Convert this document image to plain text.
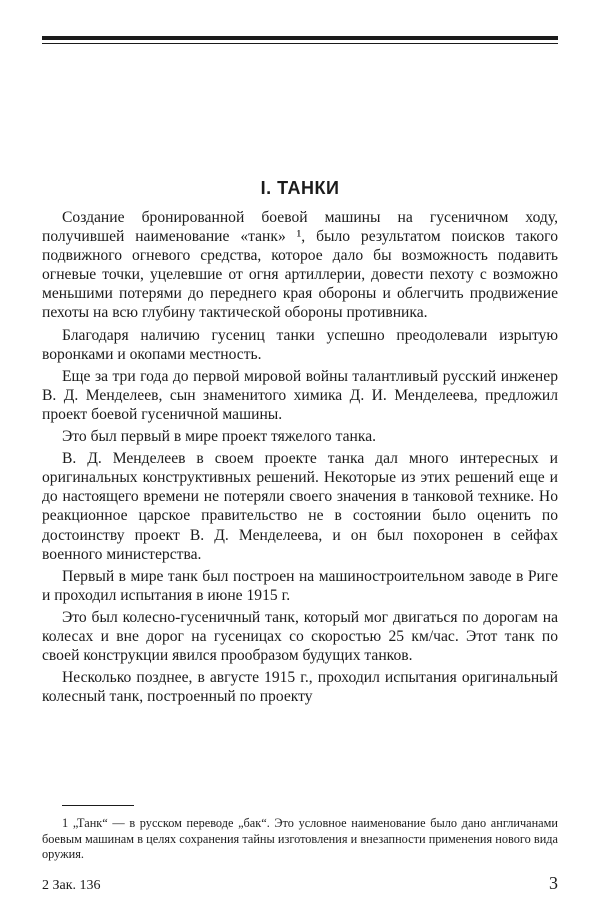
I. ТАНКИ

Создание бронированной боевой машины на гусеничном ходу, получившей наименование «танк» ¹, было результатом поисков такого подвижного огневого средства, которое дало бы возможность подавить огневые точки, уцелевшие от огня артиллерии, довести пехоту с возможно меньшими потерями до переднего края обороны и облегчить продвижение пехоты на всю глубину тактической обороны противника.

Благодаря наличию гусениц танки успешно преодолевали изрытую воронками и окопами местность.

Еще за три года до первой мировой войны талантливый русский инженер В. Д. Менделеев, сын знаменитого химика Д. И. Менделеева, предложил проект боевой гусеничной машины.

Это был первый в мире проект тяжелого танка.

В. Д. Менделеев в своем проекте танка дал много интересных и оригинальных конструктивных решений. Некоторые из этих решений еще и до настоящего времени не потеряли своего значения в танковой технике. Но реакционное царское правительство не в состоянии было оценить по достоинству проект В. Д. Менделеева, и он был похоронен в сейфах военного министерства.

Первый в мире танк был построен на машиностроительном заводе в Риге и проходил испытания в июне 1915 г.

Это был колесно-гусеничный танк, который мог двигаться по дорогам на колесах и вне дорог на гусеницах со скоростью 25 км/час. Этот танк по своей конструкции явился прообразом будущих танков.

Несколько позднее, в августе 1915 г., проходил испытания оригинальный колесный танк, построенный по проекту

1 „Танк“ — в русском переводе „бак“. Это условное наименование было дано англичанами боевым машинам в целях сохранения тайны изготовления и внезапности применения нового вида оружия.
2 Зак. 136	3
